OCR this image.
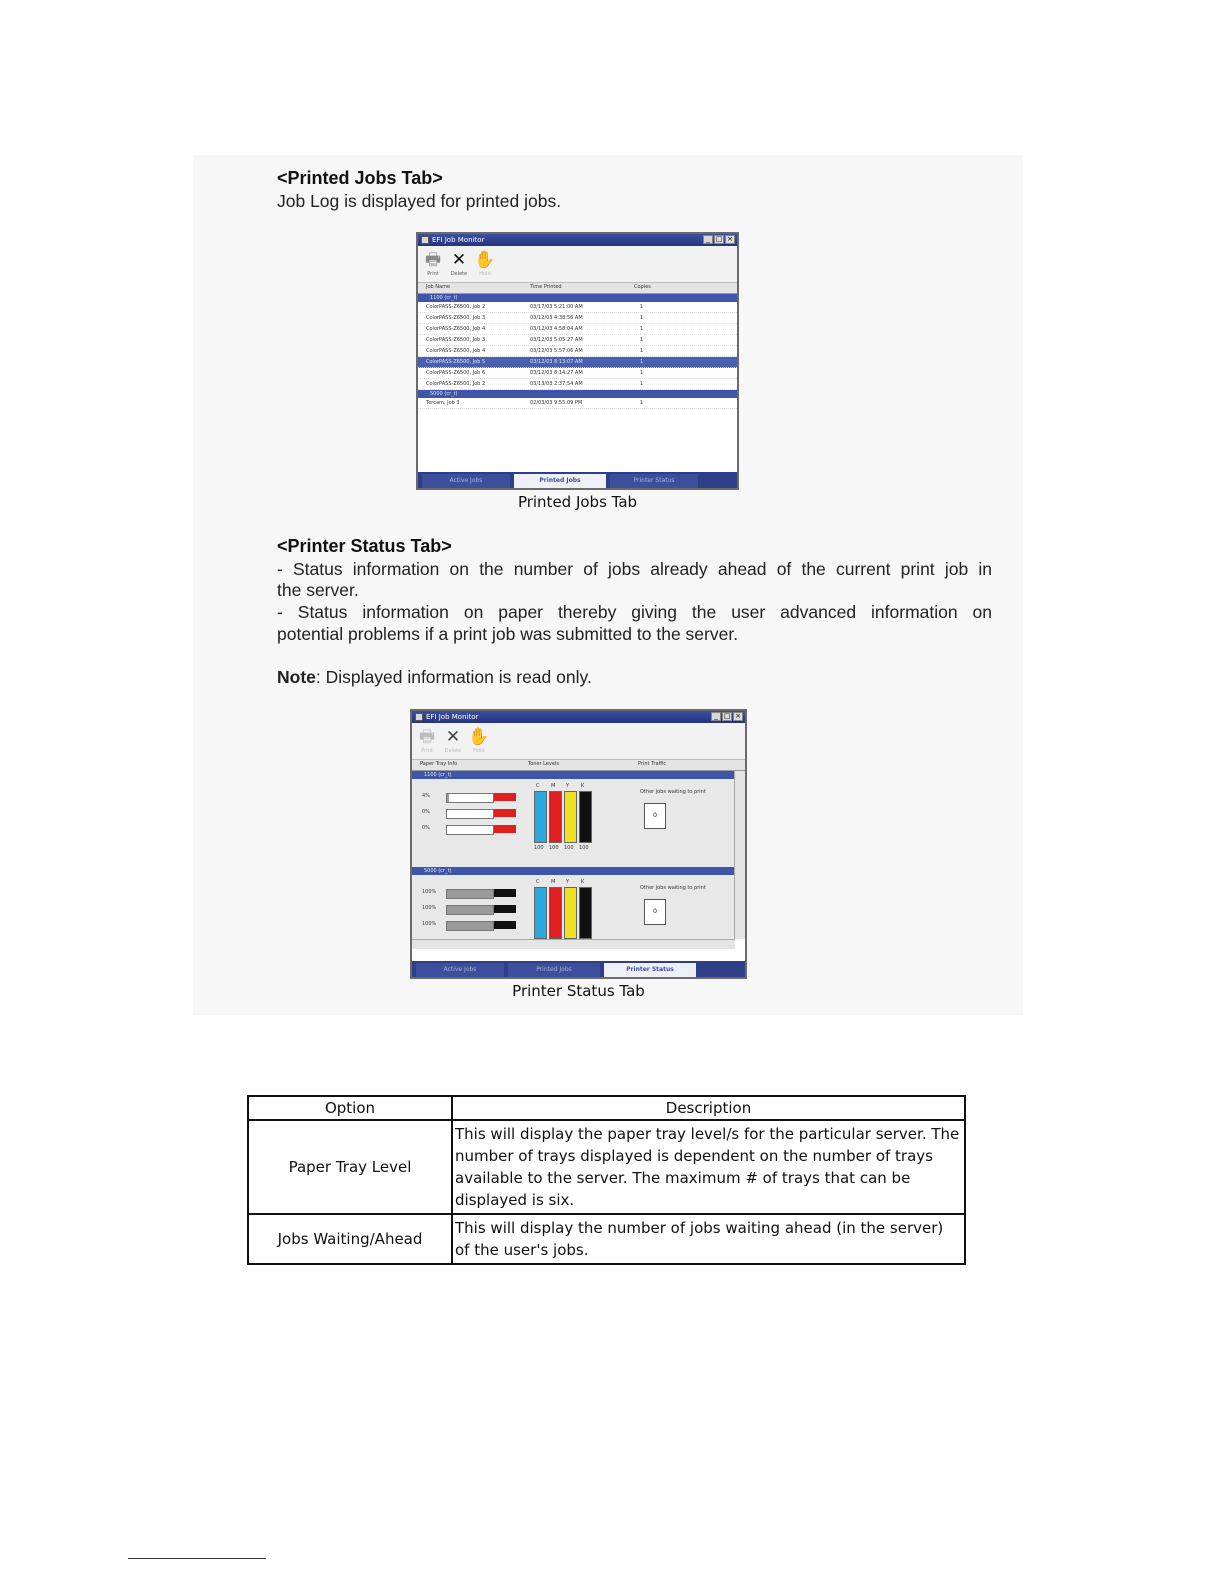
<Printed Jobs Tab>
Job Log is displayed for printed jobs.
EFI Job Monitor	_ □ ×
🖶
Print
✕
Delete
✋
Hold
Job Name	Time Printed	Copies
1100 (cr_t)
ColorPASS-Z6500, Job 2	03/17/03 5:21:00 AM	1
ColorPASS-Z6500, Job 3	03/12/03 4:38:56 AM	1
ColorPASS-Z6500, Job 4	03/12/03 4:58:04 AM	1
ColorPASS-Z6500, Job 3	03/12/03 5:05:27 AM	1
ColorPASS-Z6500, Job 4	03/12/03 5:57:06 AM	1
ColorPASS-Z6500, Job 5	03/12/03 8:13:07 AM	1
ColorPASS-Z6500, Job 6	03/12/03 8:14:27 AM	1
ColorPASS-Z6500, Job 2	03/13/03 2:37:54 AM	1
5000 (cr_t)
Tercam, Job 3	02/03/03 9:55:09 PM	1
Active Jobs	Printed Jobs	Printer Status
Printed Jobs Tab
<Printer Status Tab>
- Status information on the number of jobs already ahead of the current print job in
the server.
- Status information on paper thereby giving the user advanced information on
potential problems if a print job was submitted to the server.
Note: Displayed information is read only.
EFI Job Monitor	_ □ ×
🖶
Print
✕
Delete
✋
Hold
Paper Tray Info	Toner Levels	Print Traffic
1100 (cr_t)
4%
0%
0%
C
100
M
100
Y
100
K
100
Other jobs waiting to print
0
5000 (cr_t)
100%
100%
100%
C M Y K
Other jobs waiting to print
0
Active Jobs	Printed Jobs	Printer Status
Printer Status Tab
Option	Description
Paper Tray Level	This will display the paper tray level/s for the particular server. The number of trays displayed is dependent on the number of trays available to the server. The maximum # of trays that can be displayed is six.
Jobs Waiting/Ahead	This will display the number of jobs waiting ahead (in the server) of the user's jobs.
